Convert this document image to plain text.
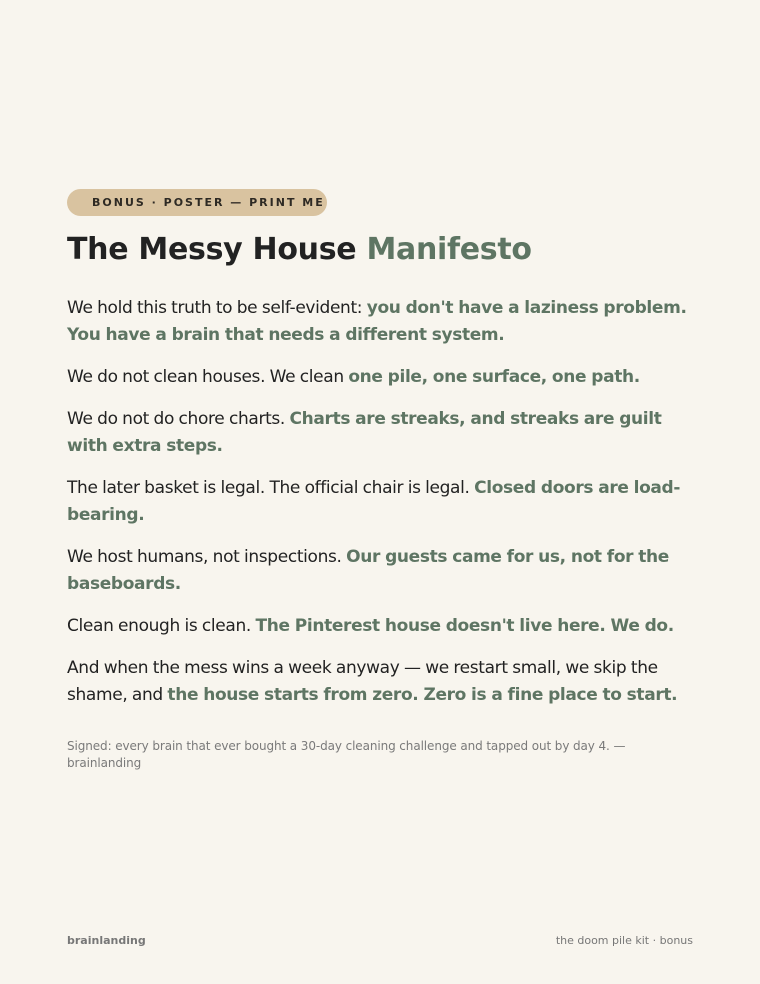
BONUS · POSTER — PRINT ME
The Messy House Manifesto

We hold this truth to be self-evident: you don't have a laziness problem. You have a brain that needs a different system.

We do not clean houses. We clean one pile, one surface, one path.

We do not do chore charts. Charts are streaks, and streaks are guilt with extra steps.

The later basket is legal. The official chair is legal. Closed doors are load-bearing.

We host humans, not inspections. Our guests came for us, not for the baseboards.

Clean enough is clean. The Pinterest house doesn't live here. We do.

And when the mess wins a week anyway — we restart small, we skip the shame, and the house starts from zero. Zero is a fine place to start.

Signed: every brain that ever bought a 30-day cleaning challenge and tapped out by day 4. — brainlanding
brainlanding	the doom pile kit · bonus
